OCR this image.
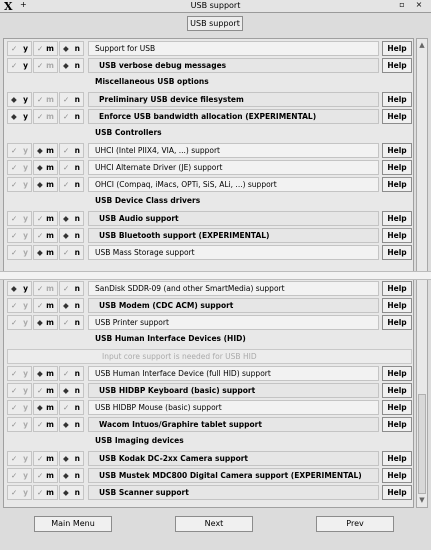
X +	USB support	▫ ×
USB support
✓ y ✓ m ◆ n Support for USB	Help
✓ y ✓ m ◆ n	USB verbose debug messages	Help
Miscellaneous USB options
◆ y ✓ m ✓ n	Preliminary USB device filesystem	Help
◆ y ✓ m ✓ n	Enforce USB bandwidth allocation (EXPERIMENTAL)	Help
USB Controllers
✓ y ◆ m ✓ n UHCI (Intel PIIX4, VIA, ...) support	Help
✓ y ◆ m ✓ n UHCI Alternate Driver (JE) support	Help
✓ y ◆ m ✓ n OHCI (Compaq, iMacs, OPTi, SiS, ALi, ...) support	Help
USB Device Class drivers
✓ y ✓ m ◆ n	USB Audio support	Help
✓ y ✓ m ◆ n	USB Bluetooth support (EXPERIMENTAL)	Help
✓ y ◆ m ✓ n USB Mass Storage support	Help
◆ y ✓ m ✓ n SanDisk SDDR-09 (and other SmartMedia) support	Help
✓ y ✓ m ◆ n	USB Modem (CDC ACM) support	Help
✓ y ◆ m ✓ n USB Printer support	Help
USB Human Interface Devices (HID)
Input core support is needed for USB HID
✓ y ◆ m ✓ n USB Human Interface Device (full HID) support	Help
✓ y ✓ m ◆ n	USB HIDBP Keyboard (basic) support	Help
✓ y ◆ m ✓ n USB HIDBP Mouse (basic) support	Help
✓ y ✓ m ◆ n	Wacom Intuos/Graphire tablet support	Help
USB Imaging devices
✓ y ✓ m ◆ n	USB Kodak DC-2xx Camera support	Help
✓ y ✓ m ◆ n	USB Mustek MDC800 Digital Camera support (EXPERIMENTAL)	Help
✓ y ✓ m ◆ n	USB Scanner support	Help
▲
▼
Main Menu	Next	Prev
